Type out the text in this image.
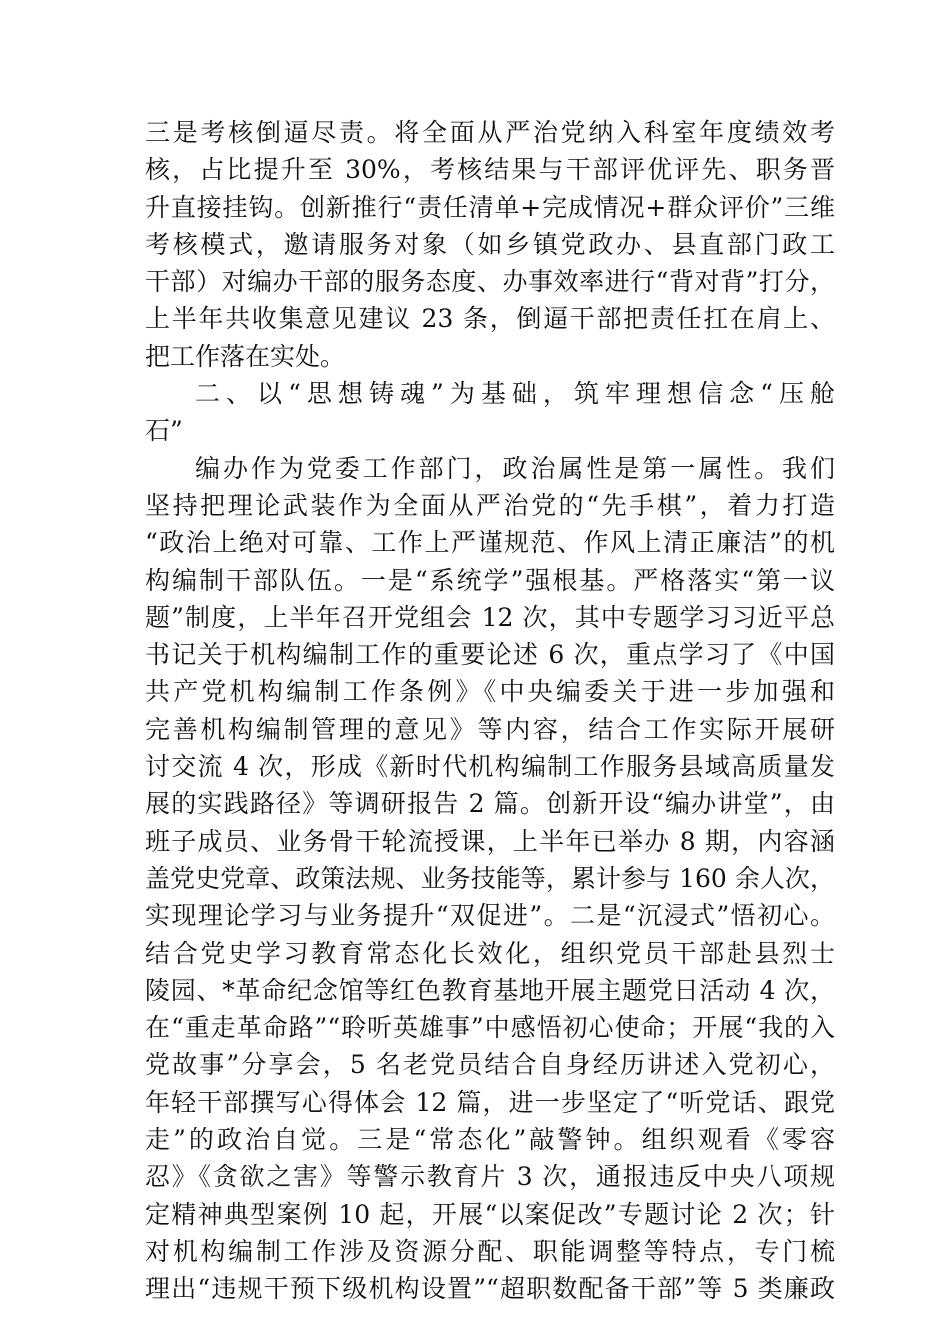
三是考核倒逼尽责。将全面从严治党纳入科室年度绩效考
核，占比提升至 30%，考核结果与干部评优评先、职务晋
升直接挂钩。创新推行“责任清单+完成情况+群众评价”三维
考核模式，邀请服务对象（如乡镇党政办、县直部门政工
干部）对编办干部的服务态度、办事效率进行“背对背”打分，
上半年共收集意见建议 23 条，倒逼干部把责任扛在肩上、
把工作落在实处。
二、以“思想铸魂”为基础，筑牢理想信念“压舱
石”
编办作为党委工作部门，政治属性是第一属性。我们
坚持把理论武装作为全面从严治党的“先手棋”，着力打造
“政治上绝对可靠、工作上严谨规范、作风上清正廉洁”的机
构编制干部队伍。一是“系统学”强根基。严格落实“第一议
题”制度，上半年召开党组会 12 次，其中专题学习习近平总
书记关于机构编制工作的重要论述 6 次，重点学习了《中国
共产党机构编制工作条例》《中央编委关于进一步加强和
完善机构编制管理的意见》等内容，结合工作实际开展研
讨交流 4 次，形成《新时代机构编制工作服务县域高质量发
展的实践路径》等调研报告 2 篇。创新开设“编办讲堂”，由
班子成员、业务骨干轮流授课，上半年已举办 8 期，内容涵
盖党史党章、政策法规、业务技能等，累计参与 160 余人次，
实现理论学习与业务提升“双促进”。二是“沉浸式”悟初心。
结合党史学习教育常态化长效化，组织党员干部赴县烈士
陵园、*革命纪念馆等红色教育基地开展主题党日活动 4 次，
在“重走革命路”“聆听英雄事”中感悟初心使命；开展“我的入
党故事”分享会，5 名老党员结合自身经历讲述入党初心，
年轻干部撰写心得体会 12 篇，进一步坚定了“听党话、跟党
走”的政治自觉。三是“常态化”敲警钟。组织观看《零容
忍》《贪欲之害》等警示教育片 3 次，通报违反中央八项规
定精神典型案例 10 起，开展“以案促改”专题讨论 2 次；针
对机构编制工作涉及资源分配、职能调整等特点，专门梳
理出“违规干预下级机构设置”“超职数配备干部”等 5 类廉政
